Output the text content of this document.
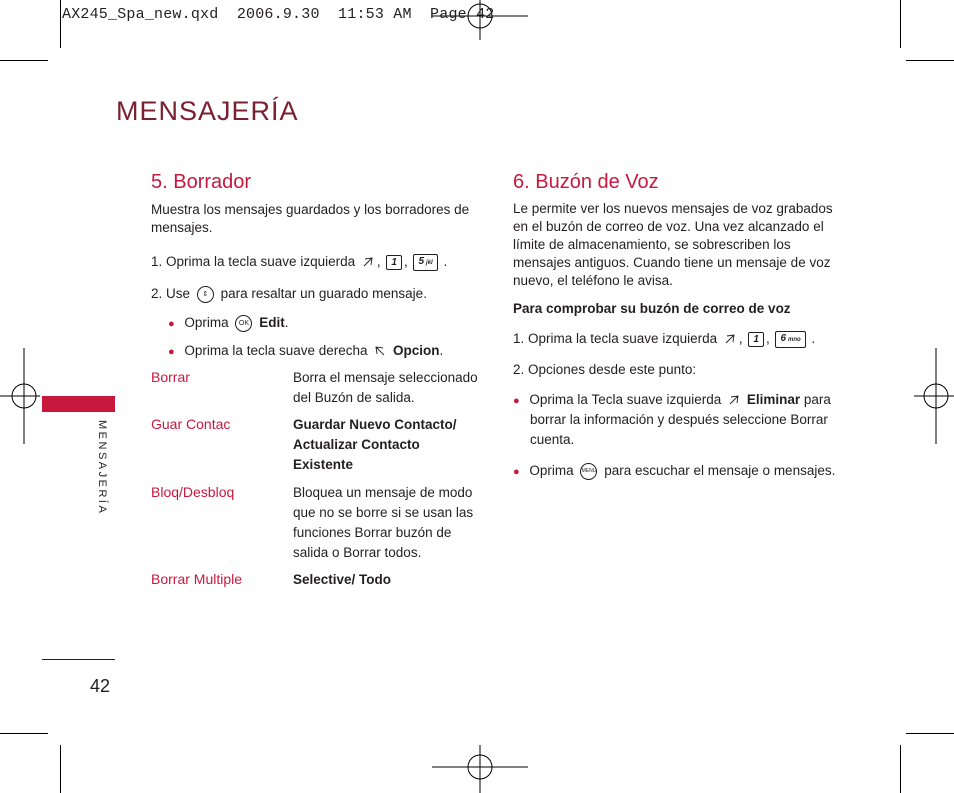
AX245_Spa_new.qxd  2006.9.30  11:53 AM  Page 42
MENSAJERÍA
MENSAJERÍA
42
5. Borrador
Muestra los mensajes guardados y los borradores de mensajes.
1. Oprima la tecla suave izquierda , 1 , 5 jkl .
2. Use ⇕ para resaltar un guarado mensaje.
● Oprima OK Edit.
● Oprima la tecla suave derecha Opcion.
Borrar	Borra el mensaje seleccionado
del Buzón de salida.
Guar Contac	Guardar Nuevo Contacto/
Actualizar Contacto
Existente
Bloq/Desbloq	Bloquea un mensaje de modo
que no se borre si se usan las
funciones Borrar buzón de
salida o Borrar todos.
Borrar Multiple	Selective/ Todo
6. Buzón de Voz
Le permite ver los nuevos mensajes de voz grabados
en el buzón de correo de voz. Una vez alcanzado el
límite de almacenamiento, se sobrescriben los
mensajes antiguos. Cuando tiene un mensaje de voz
nuevo, el teléfono le avisa.
Para comprobar su buzón de correo de voz
1. Oprima la tecla suave izquierda , 1 , 6 mno .
2. Opciones desde este punto:
● Oprima la Tecla suave izquierda Eliminar para
borrar la información y después seleccione Borrar
cuenta.
● Oprima MENU para escuchar el mensaje o mensajes.
